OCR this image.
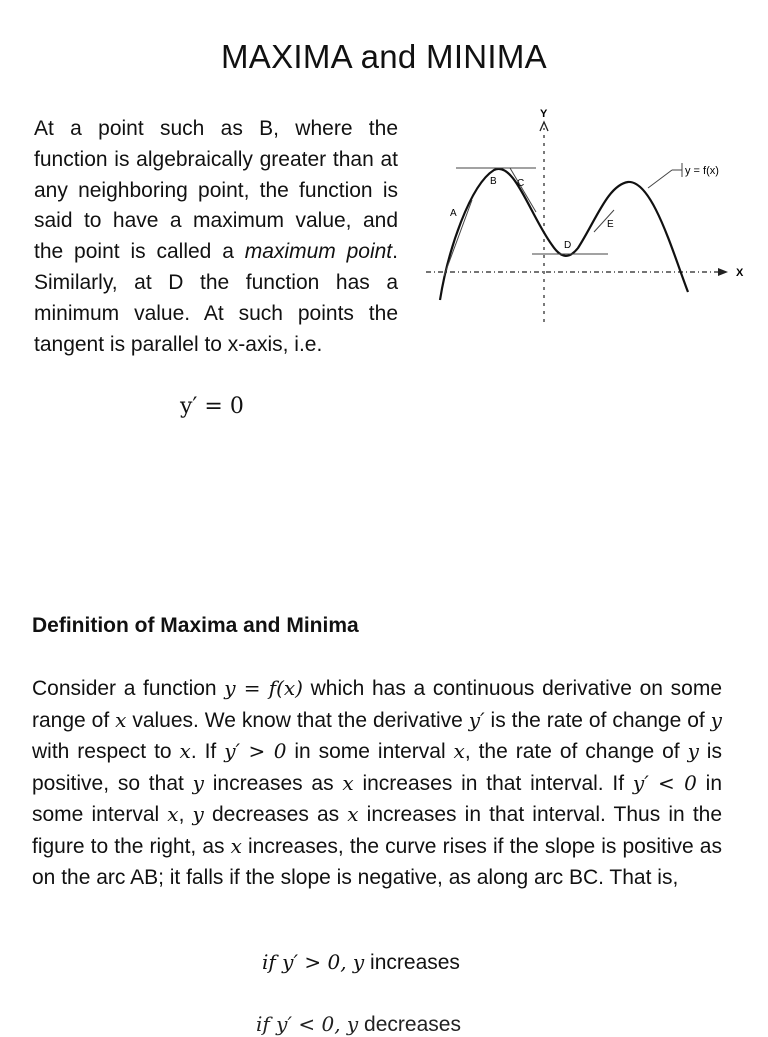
MAXIMA and MINIMA
At a point such as B, where the function is algebraically greater than at any neighboring point, the function is said to have a maximum value, and the point is called a maximum point. Similarly, at D the function has a minimum value. At such points the tangent is parallel to x-axis, i.e.
y′ = 0
Y
X
A
B C
D
E
y = f(x)
Definition of Maxima and Minima
Consider a function y = f(x) which has a continuous derivative on some range of x values. We know that the derivative y′ is the rate of change of y with respect to x. If y′ > 0 in some interval x, the rate of change of y is positive, so that y increases as x increases in that interval. If y′ < 0 in some interval x, y decreases as x increases in that interval. Thus in the figure to the right, as x increases, the curve rises if the slope is positive as on the arc AB; it falls if the slope is negative, as along arc BC. That is,
if y′ > 0, y increases
if y′ < 0, y decreases
